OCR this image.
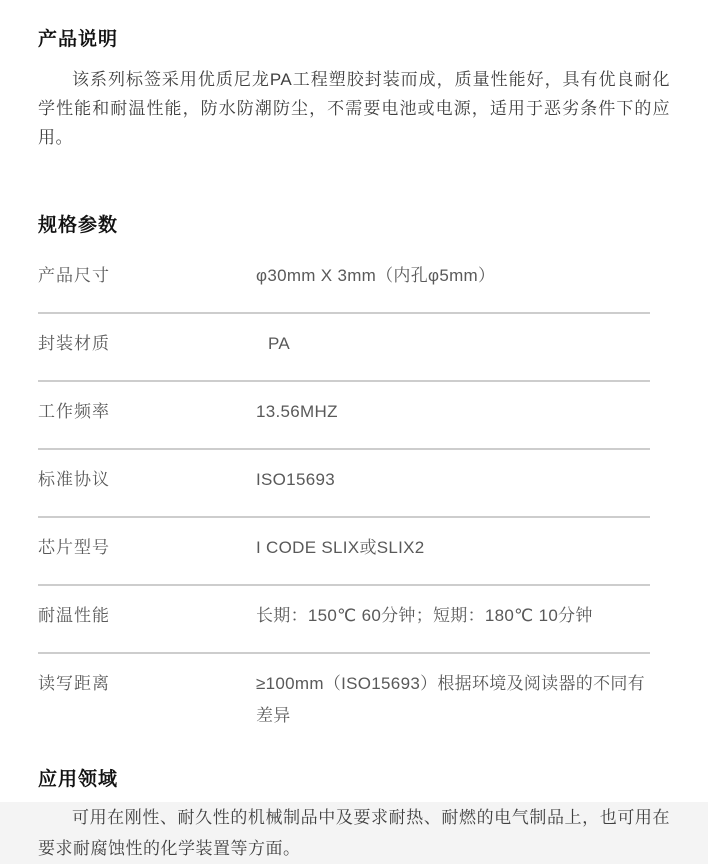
产品说明

该系列标签采用优质尼龙PA工程塑胶封装而成，质量性能好，具有优良耐化学性能和耐温性能，防水防潮防尘，不需要电池或电源，适用于恶劣条件下的应用。

规格参数
产品尺寸	φ30mm X 3mm（内孔φ5mm）
封装材质	PA
工作频率	13.56MHZ
标准协议	ISO15693
芯片型号	I CODE SLIX或SLIX2
耐温性能	长期：150℃ 60分钟；短期：180℃ 10分钟
读写距离	≥100mm（ISO15693）根据环境及阅读器的不同有差异
应用领域

可用在刚性、耐久性的机械制品中及要求耐热、耐燃的电气制品上，也可用在要求耐腐蚀性的化学装置等方面。
